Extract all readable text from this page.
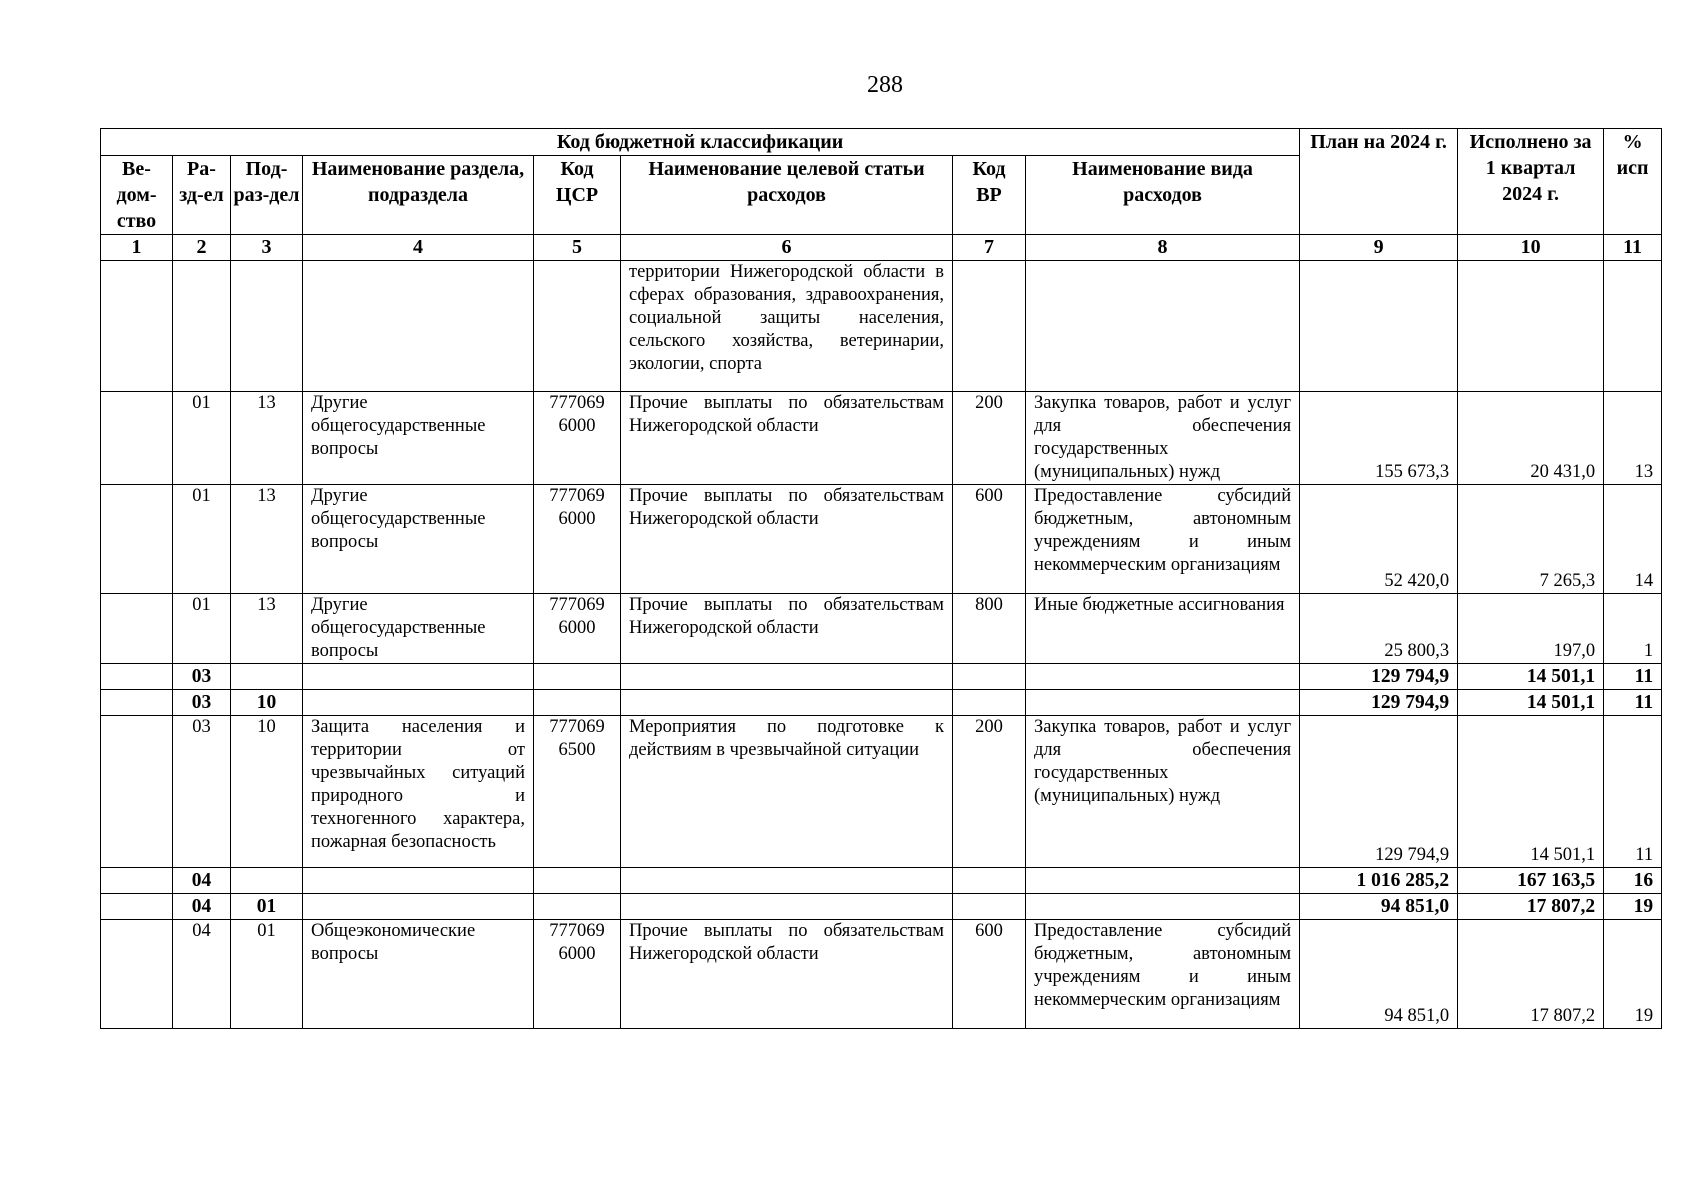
288
Код бюджетной классификации								План на 2024 г.	Исполнено за 1 квартал 2024 г.	% исп
Ве-дом-ство	Ра-зд-ел	Под-раз-дел	Наименование раздела, подраздела	Код ЦСР	Наименование целевой статьи расходов	Код ВР	Наименование вида расходов			
1	2	3	4	5	6	7	8	9	10	11
					территории Нижегородской области в сферах образования, здравоохранения, социальной защиты населения, сельского хозяйства, ветеринарии, экологии, спорта					
	01	13	Другие общегосударственные вопросы	777069 6000	Прочие выплаты по обязательствам Нижегородской области	200	Закупка товаров, работ и услуг для обеспечения государственных (муниципальных) нужд	155 673,3	20 431,0	13
	01	13	Другие общегосударственные вопросы	777069 6000	Прочие выплаты по обязательствам Нижегородской области	600	Предоставление субсидий бюджетным, автономным учреждениям и иным некоммерческим организациям	52 420,0	7 265,3	14
	01	13	Другие общегосударственные вопросы	777069 6000	Прочие выплаты по обязательствам Нижегородской области	800	Иные бюджетные ассигнования	25 800,3	197,0	1
	03							129 794,9	14 501,1	11
	03	10						129 794,9	14 501,1	11
	03	10	Защита населения и территории от чрезвычайных ситуаций природного и техногенного характера, пожарная безопасность	777069 6500	Мероприятия по подготовке к действиям в чрезвычайной ситуации	200	Закупка товаров, работ и услуг для обеспечения государственных (муниципальных) нужд	129 794,9	14 501,1	11
	04							1 016 285,2	167 163,5	16
	04	01						94 851,0	17 807,2	19
	04	01	Общеэкономические вопросы	777069 6000	Прочие выплаты по обязательствам Нижегородской области	600	Предоставление субсидий бюджетным, автономным учреждениям и иным некоммерческим организациям	94 851,0	17 807,2	19
